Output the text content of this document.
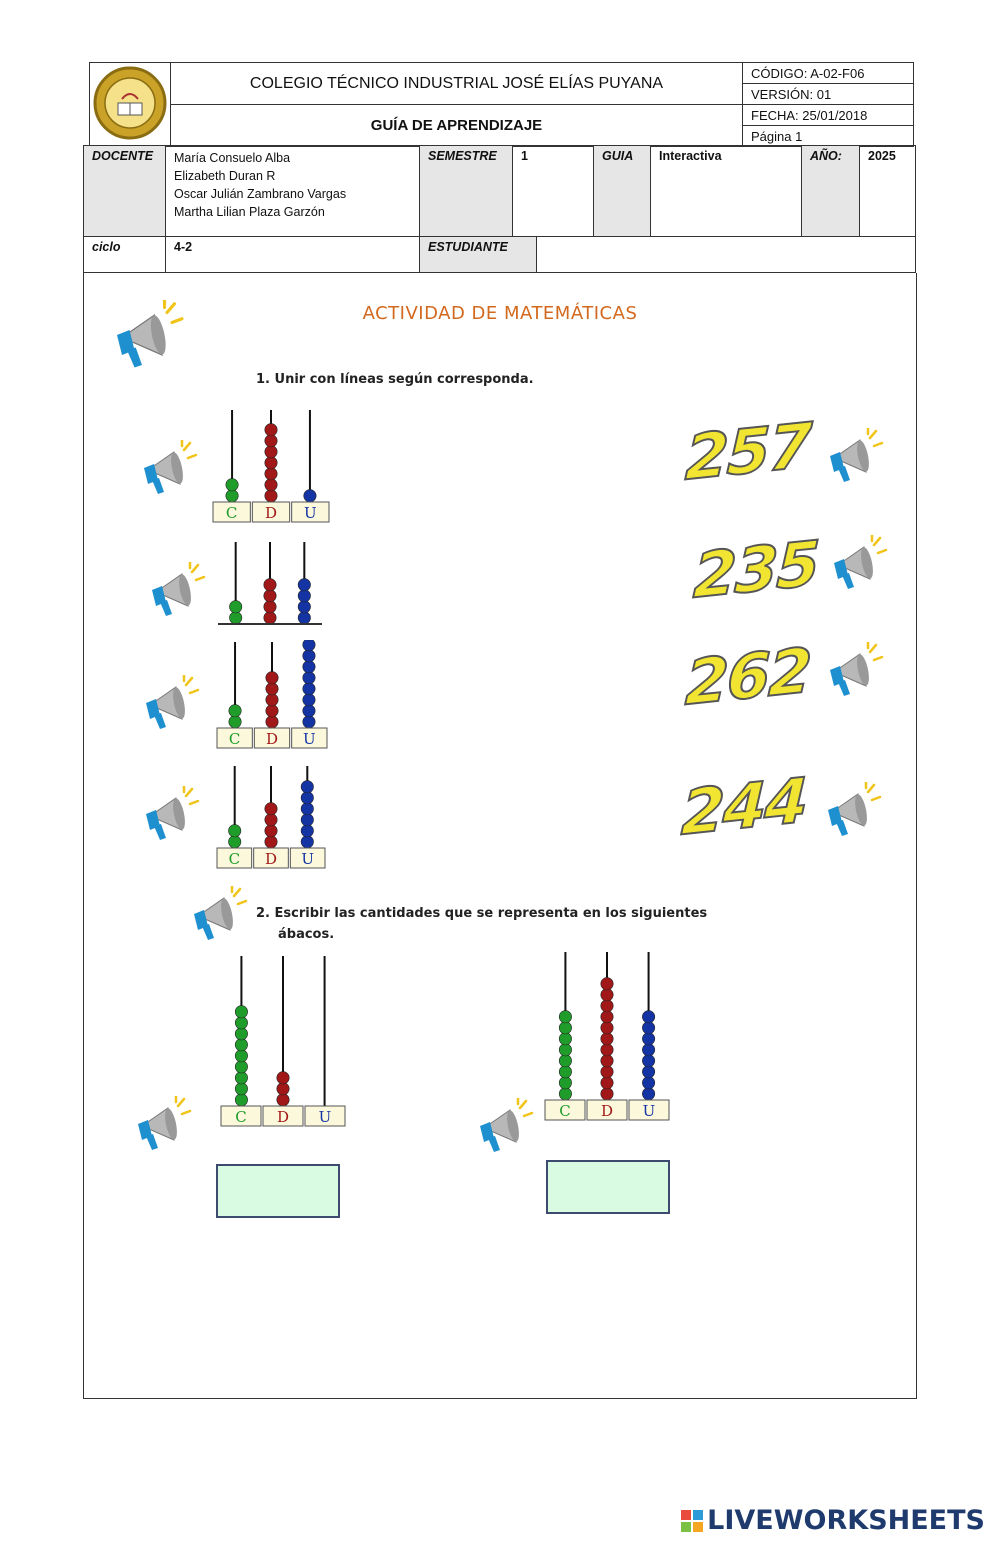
	COLEGIO TÉCNICO INDUSTRIAL JOSÉ ELÍAS PUYANA	CÓDIGO: A-02-F06
		VERSIÓN: 01
	GUÍA DE APRENDIZAJE	FECHA: 25/01/2018
		Página 1
DOCENTE	María Consuelo Alba
Elizabeth Duran R
Oscar Julián Zambrano Vargas
Martha Lilian Plaza Garzón
	SEMESTRE	1	GUIA	Interactiva	AÑO:	2025
ciclo	4-2	ESTUDIANTE	
ACTIVIDAD DE MATEMÁTICAS
1. Unir con líneas según corresponda.
2. Escribir las cantidades que se representa en los siguientes
ábacos.
257
235
262
244
C D U
C D U
C D U
C D U	C D U
LIVEWORKSHEETS
